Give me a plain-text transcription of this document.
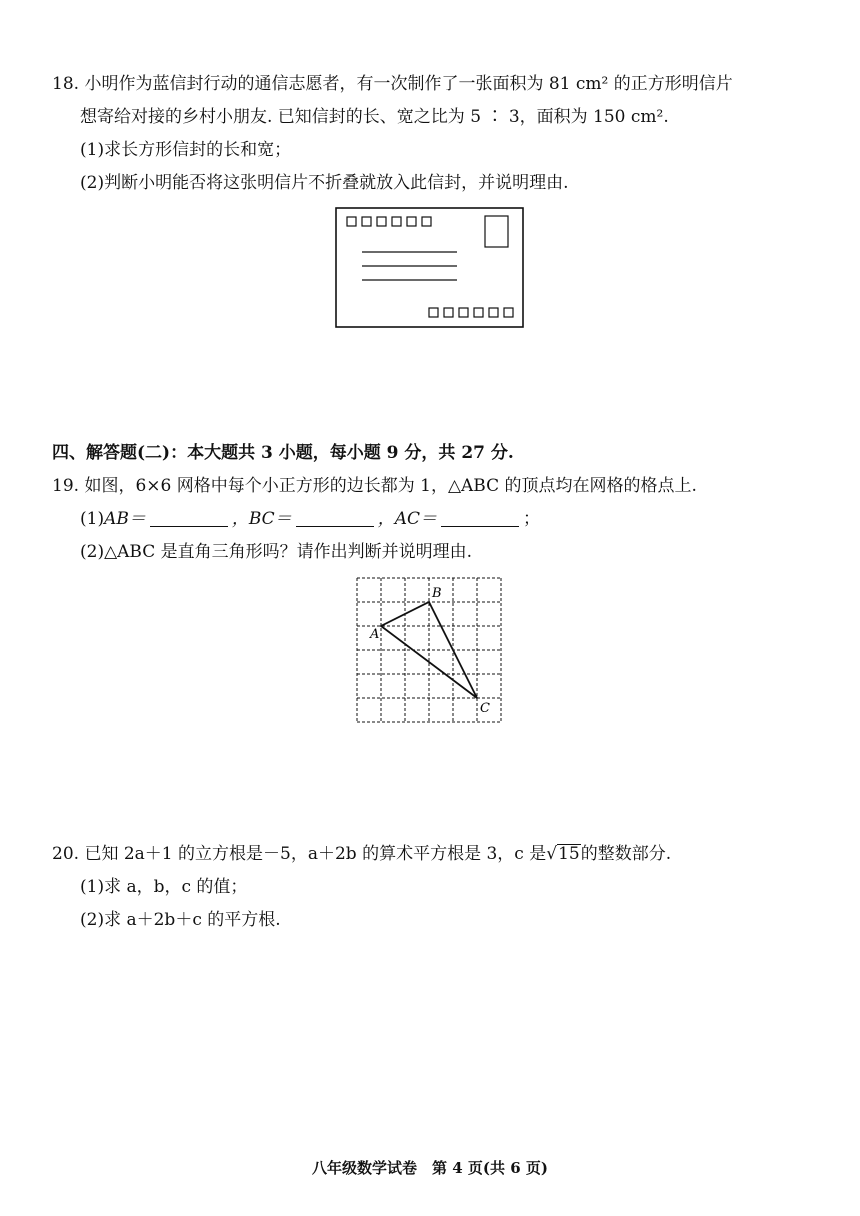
18. 小明作为蓝信封行动的通信志愿者，有一次制作了一张面积为 81 cm² 的正方形明信片
想寄给对接的乡村小朋友. 已知信封的长、宽之比为 5 ∶ 3，面积为 150 cm².
(1)求长方形信封的长和宽；
(2)判断小明能否将这张明信片不折叠就放入此信封，并说明理由.
四、解答题(二)：本大题共 3 小题，每小题 9 分，共 27 分.
19. 如图，6×6 网格中每个小正方形的边长都为 1，△ABC 的顶点均在网格的格点上.
(1)AB＝	，BC＝	，AC＝	；
(2)△ABC 是直角三角形吗？请作出判断并说明理由.
A
B
C
20. 已知 2a＋1 的立方根是－5，a＋2b 的算术平方根是 3，c 是√15的整数部分.
(1)求 a，b，c 的值；
(2)求 a＋2b＋c 的平方根.
八年级数学试卷　第 4 页(共 6 页)
